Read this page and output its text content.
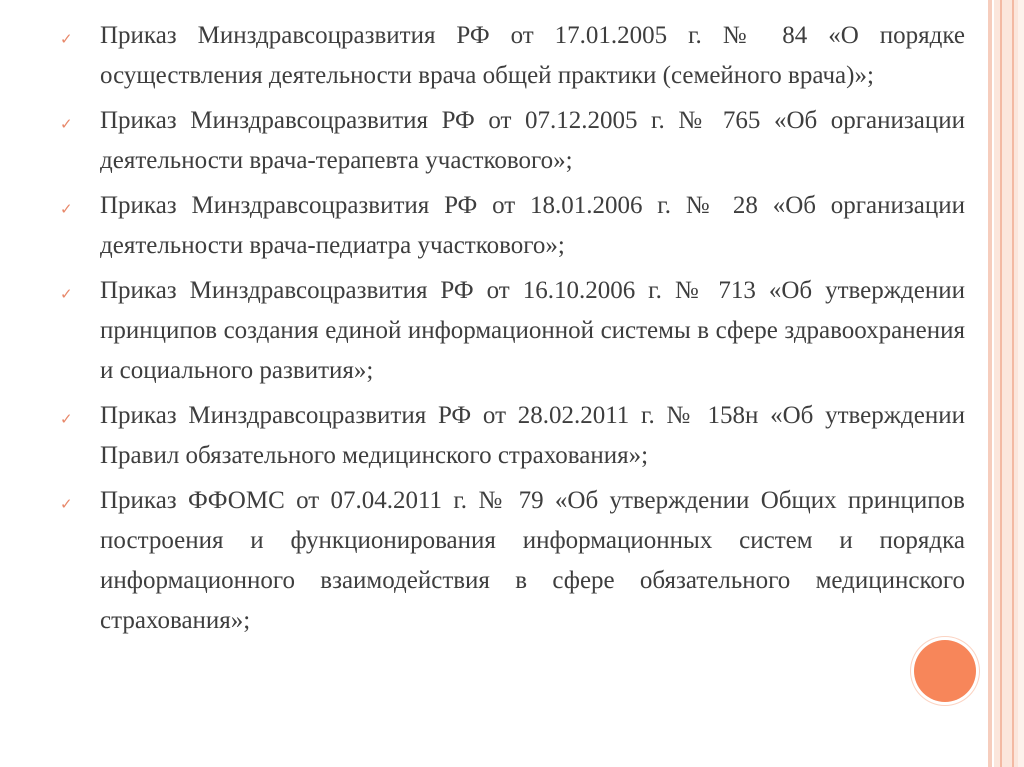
✓ Приказ Минздравсоцразвития РФ от 17.01.2005 г. № 84 «О порядке осуществления деятельности врача общей практики (семейного врача)»;
✓ Приказ Минздравсоцразвития РФ от 07.12.2005 г. № 765 «Об организации деятельности врача-терапевта участкового»;
✓ Приказ Минздравсоцразвития РФ от 18.01.2006 г. № 28 «Об организации деятельности врача-педиатра участкового»;
✓ Приказ Минздравсоцразвития РФ от 16.10.2006 г. № 713 «Об утверждении принципов создания единой информационной системы в сфере здравоохранения и социального развития»;
✓ Приказ Минздравсоцразвития РФ от 28.02.2011 г. № 158н «Об утверждении Правил обязательного медицинского страхования»;
✓ Приказ ФФОМС от 07.04.2011 г. № 79 «Об утверждении Общих принципов построения и функционирования информационных систем и порядка информационного взаимодействия в сфере обязательного медицинского страхования»;
